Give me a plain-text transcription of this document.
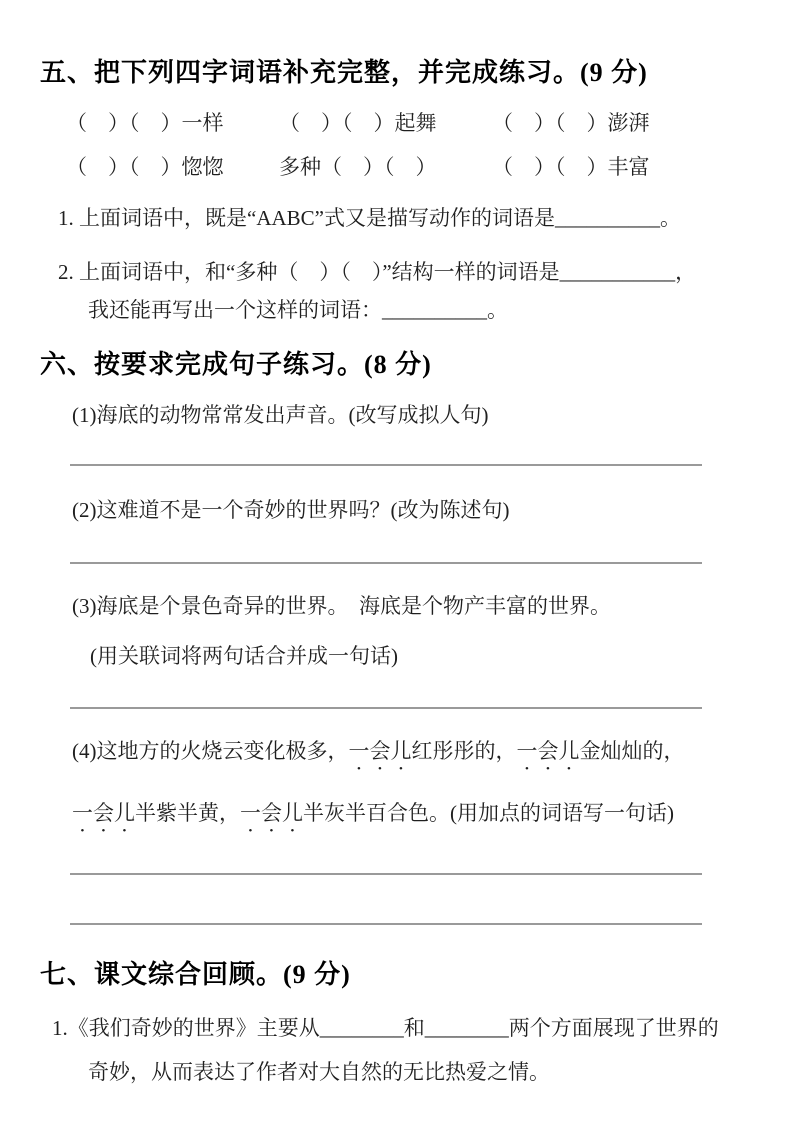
五、把下列四字词语补充完整，并完成练习。(9 分)
（　）（　）一样	（　）（　）起舞	（　）（　）澎湃
（　）（　）惚惚	多种（　）（　）	（　）（　）丰富

1. 上面词语中，既是“AABC”式又是描写动作的词语是__________。

2. 上面词语中，和“多种（　）（　）”结构一样的词语是___________，

我还能再写出一个这样的词语：__________。

六、按要求完成句子练习。(8 分)

(1)海底的动物常常发出声音。(改写成拟人句)

(2)这难道不是一个奇妙的世界吗？(改为陈述句)

(3)海底是个景色奇异的世界。　海底是个物产丰富的世界。

(用关联词将两句话合并成一句话)

(4)这地方的火烧云变化极多，一会儿红彤彤的，一会儿金灿灿的，

一会儿半紫半黄，一会儿半灰半百合色。(用加点的词语写一句话)

七、课文综合回顾。(9 分)

1.《我们奇妙的世界》主要从________和________两个方面展现了世界的

奇妙，从而表达了作者对大自然的无比热爱之情。
